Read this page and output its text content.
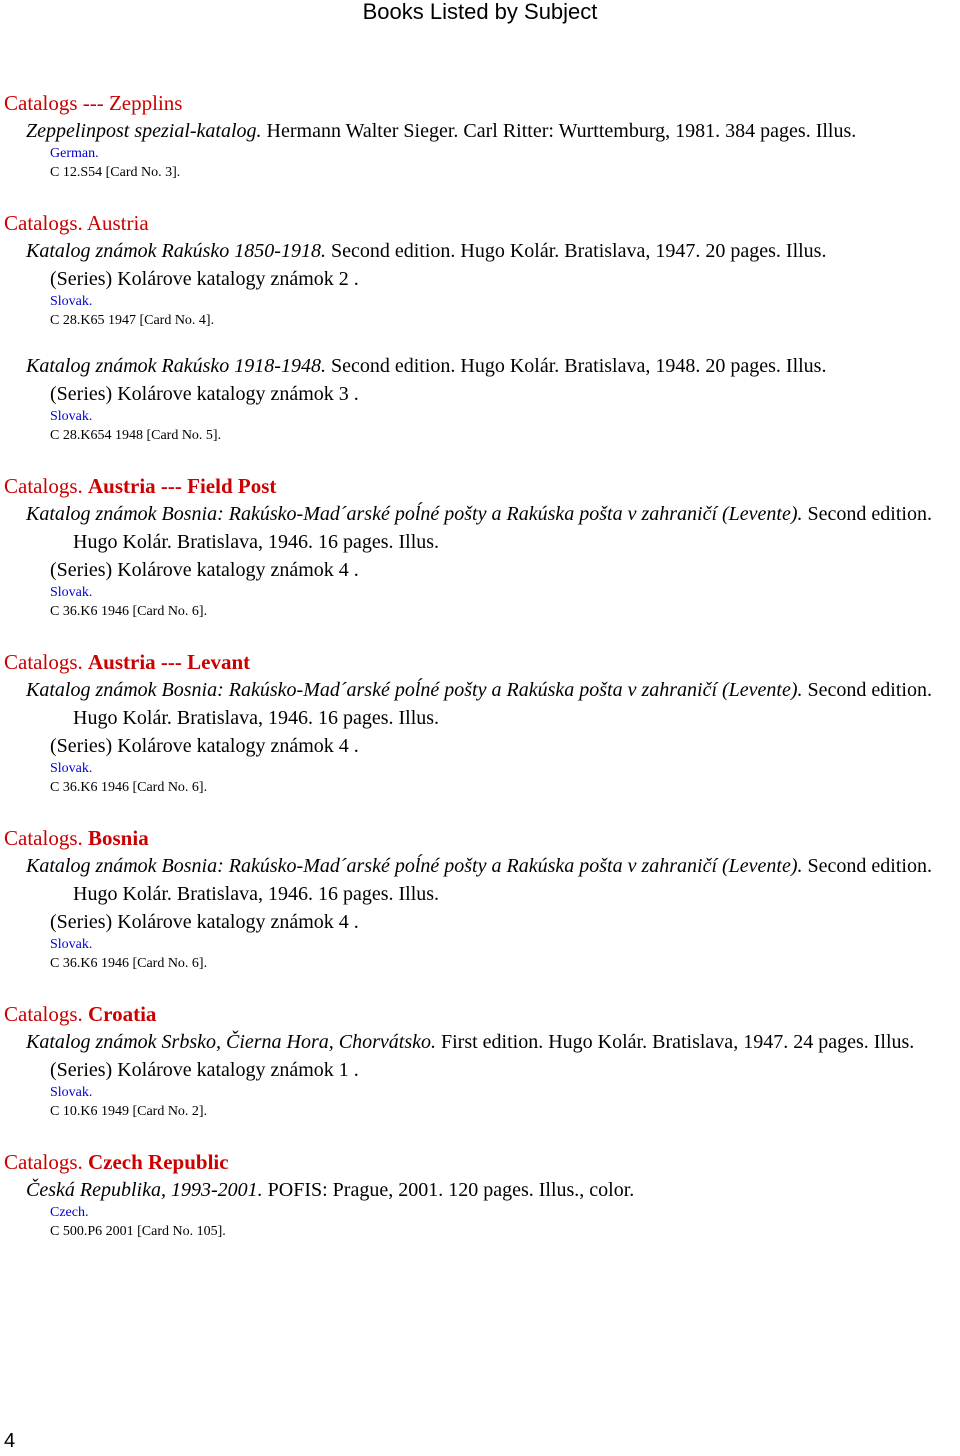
Books Listed by Subject
Catalogs --- Zepplins
Zeppelinpost spezial-katalog. Hermann Walter Sieger. Carl Ritter: Wurttemburg, 1981. 384 pages. Illus.
German.
C 12.S54 [Card No. 3].
Catalogs. Austria
Katalog známok Rakúsko 1850-1918. Second edition. Hugo Kolár. Bratislava, 1947. 20 pages. Illus.
(Series) Kolárove katalogy známok 2 .
Slovak.
C 28.K65 1947 [Card No. 4].
Katalog známok Rakúsko 1918-1948. Second edition. Hugo Kolár. Bratislava, 1948. 20 pages. Illus.
(Series) Kolárove katalogy známok 3 .
Slovak.
C 28.K654 1948 [Card No. 5].
Catalogs. Austria --- Field Post
Katalog známok Bosnia: Rakúsko-Mad´arské poĺné pošty a Rakúska pošta v zahraničí (Levente). Second edition. Hugo Kolár. Bratislava, 1946. 16 pages. Illus.
(Series) Kolárove katalogy známok 4 .
Slovak.
C 36.K6 1946 [Card No. 6].
Catalogs. Austria --- Levant
Katalog známok Bosnia: Rakúsko-Mad´arské poĺné pošty a Rakúska pošta v zahraničí (Levente). Second edition. Hugo Kolár. Bratislava, 1946. 16 pages. Illus.
(Series) Kolárove katalogy známok 4 .
Slovak.
C 36.K6 1946 [Card No. 6].
Catalogs. Bosnia
Katalog známok Bosnia: Rakúsko-Mad´arské poĺné pošty a Rakúska pošta v zahraničí (Levente). Second edition. Hugo Kolár. Bratislava, 1946. 16 pages. Illus.
(Series) Kolárove katalogy známok 4 .
Slovak.
C 36.K6 1946 [Card No. 6].
Catalogs. Croatia
Katalog známok Srbsko, Čierna Hora, Chorvátsko. First edition. Hugo Kolár. Bratislava, 1947. 24 pages. Illus.
(Series) Kolárove katalogy známok 1 .
Slovak.
C 10.K6 1949 [Card No. 2].
Catalogs. Czech Republic
Česká Republika, 1993-2001. POFIS: Prague, 2001. 120 pages. Illus., color.
Czech.
C 500.P6 2001 [Card No. 105].
4
